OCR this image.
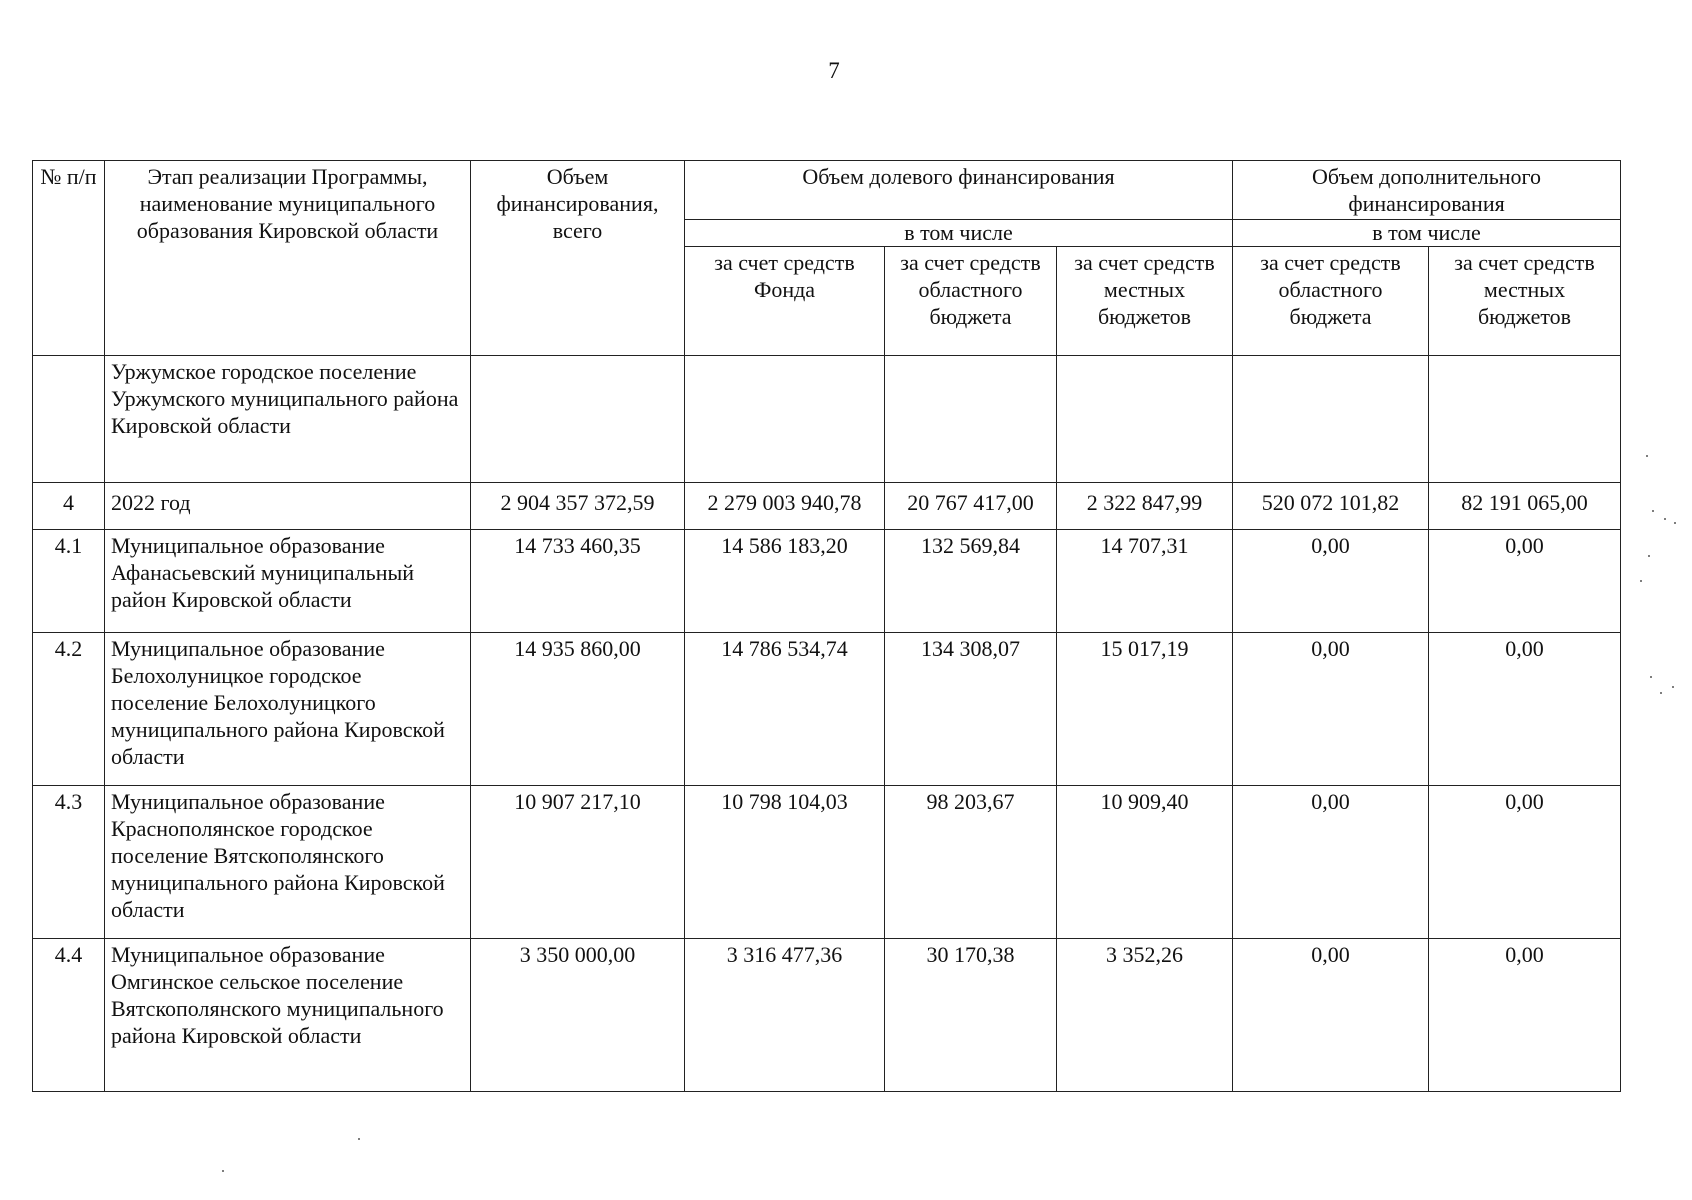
7
№ п/п	Этап реализации Программы, наименование муниципального образования Кировской области	Объем финансирования, всего	Объем долевого финансирования			Объем дополнительного финансирования	
			в том числе			в том числе	
			за счет средств Фонда	за счет средств областного бюджета	за счет средств местных бюджетов	за счет средств областного бюджета	за счет средств местных бюджетов
	Уржумское городское поселение Уржумского муниципального района Кировской области						
4	2022 год	2 904 357 372,59	2 279 003 940,78	20 767 417,00	2 322 847,99	520 072 101,82	82 191 065,00
4.1	Муниципальное образование Афанасьевский муниципальный район Кировской области	14 733 460,35	14 586 183,20	132 569,84	14 707,31	0,00	0,00
4.2	Муниципальное образование Белохолуницкое городское поселение Белохолуницкого муниципального района Кировской области	14 935 860,00	14 786 534,74	134 308,07	15 017,19	0,00	0,00
4.3	Муниципальное образование Краснополянское городское поселение Вятскополянского муниципального района Кировской области	10 907 217,10	10 798 104,03	98 203,67	10 909,40	0,00	0,00
4.4	Муниципальное образование Омгинское сельское поселение Вятскополянского муниципального района Кировской области	3 350 000,00	3 316 477,36	30 170,38	3 352,26	0,00	0,00
